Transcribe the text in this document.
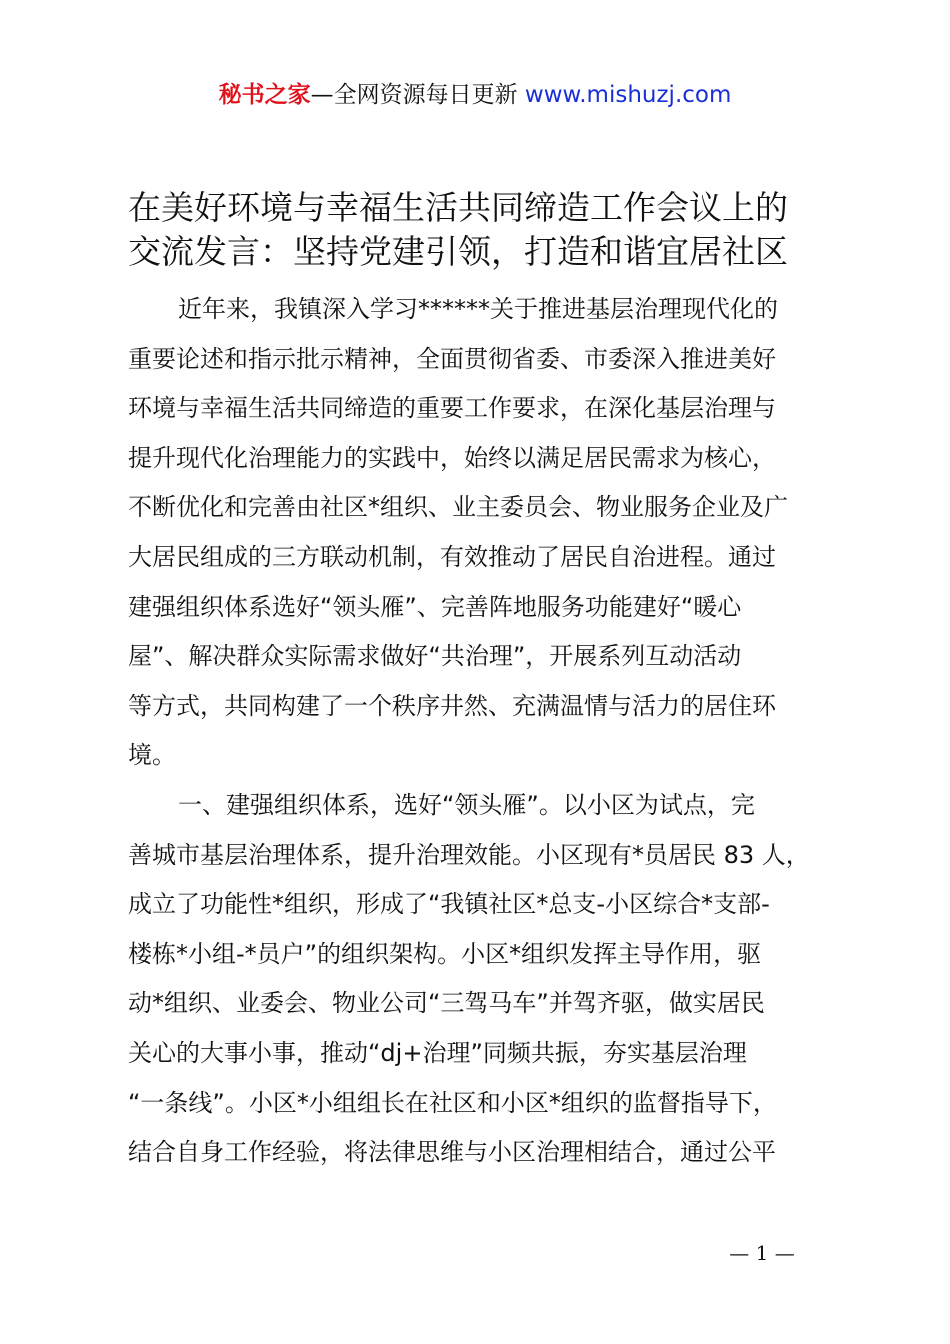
秘书之家—全网资源每日更新 www.mishuzj.com
在美好环境与幸福生活共同缔造工作会议上的
交流发言：坚持党建引领，打造和谐宜居社区
近年来，我镇深入学习******关于推进基层治理现代化的
重要论述和指示批示精神，全面贯彻省委、市委深入推进美好
环境与幸福生活共同缔造的重要工作要求，在深化基层治理与
提升现代化治理能力的实践中，始终以满足居民需求为核心，
不断优化和完善由社区*组织、业主委员会、物业服务企业及广
大居民组成的三方联动机制，有效推动了居民自治进程。通过
建强组织体系选好“领头雁”、完善阵地服务功能建好“暖心
屋”、解决群众实际需求做好“共治理”，开展系列互动活动
等方式，共同构建了一个秩序井然、充满温情与活力的居住环
境。
一、建强组织体系，选好“领头雁”。以小区为试点，完
善城市基层治理体系，提升治理效能。小区现有*员居民 83 人，
成立了功能性*组织，形成了“我镇社区*总支-小区综合*支部-
楼栋*小组-*员户”的组织架构。小区*组织发挥主导作用，驱
动*组织、业委会、物业公司“三驾马车”并驾齐驱，做实居民
关心的大事小事，推动“dj+治理”同频共振，夯实基层治理
“一条线”。小区*小组组长在社区和小区*组织的监督指导下，
结合自身工作经验，将法律思维与小区治理相结合，通过公平
— 1 —
